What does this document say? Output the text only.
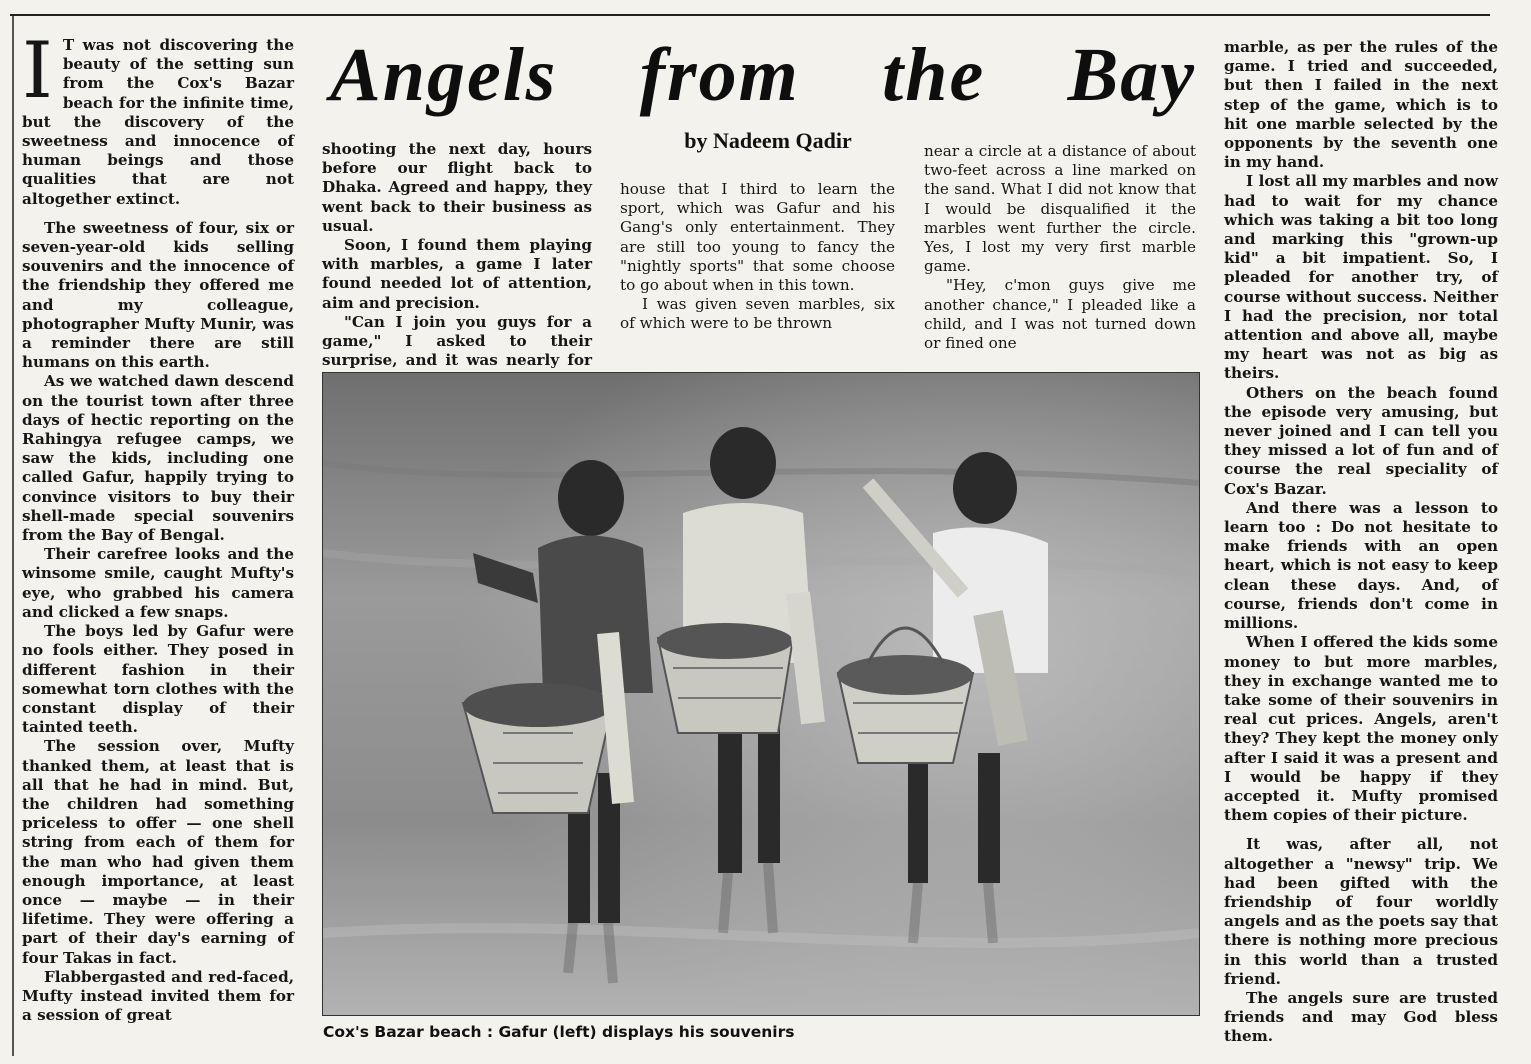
I T was not discovering the beauty of the setting sun from the Cox's Bazar beach for the infinite time, but the discovery of the sweetness and innocence of human beings and those qualities that are not altogether extinct.

The sweetness of four, six or seven-year-old kids selling souvenirs and the innocence of the friendship they offered me and my colleague, photographer Mufty Munir, was a reminder there are still humans on this earth.

As we watched dawn descend on the tourist town after three days of hectic reporting on the Rahingya refugee camps, we saw the kids, including one called Gafur, happily trying to convince visitors to buy their shell-made special souvenirs from the Bay of Bengal.

Their carefree looks and the winsome smile, caught Mufty's eye, who grabbed his camera and clicked a few snaps.

The boys led by Gafur were no fools either. They posed in different fashion in their somewhat torn clothes with the constant display of their tainted teeth.

The session over, Mufty thanked them, at least that is all that he had in mind. But, the children had something priceless to offer — one shell string from each of them for the man who had given them enough importance, at least once — maybe — in their lifetime. They were offering a part of their day's earning of four Takas in fact.

Flabbergasted and red-faced, Mufty instead invited them for a session of great

Angels from the Bay
by Nadeem Qadir

shooting the next day, hours before our flight back to Dhaka. Agreed and happy, they went back to their business as usual.

Soon, I found them playing with marbles, a game I later found needed lot of attention, aim and precision.

"Can I join you guys for a game," I asked to their surprise, and it was nearly for

house that I third to learn the sport, which was Gafur and his Gang's only entertainment. They are still too young to fancy the "nightly sports" that some choose to go about when in this town.

I was given seven marbles, six of which were to be thrown

near a circle at a distance of about two-feet across a line marked on the sand. What I did not know that I would be disqualified it the marbles went further the circle. Yes, I lost my very first marble game.

"Hey, c'mon guys give me another chance," I pleaded like a child, and I was not turned down or fined one

Cox's Bazar beach : Gafur (left) displays his souvenirs

marble, as per the rules of the game. I tried and succeeded, but then I failed in the next step of the game, which is to hit one marble selected by the opponents by the seventh one in my hand.

I lost all my marbles and now had to wait for my chance which was taking a bit too long and marking this "grown-up kid" a bit impatient. So, I pleaded for another try, of course without success. Neither I had the precision, nor total attention and above all, maybe my heart was not as big as theirs.

Others on the beach found the episode very amusing, but never joined and I can tell you they missed a lot of fun and of course the real speciality of Cox's Bazar.

And there was a lesson to learn too : Do not hesitate to make friends with an open heart, which is not easy to keep clean these days. And, of course, friends don't come in millions.

When I offered the kids some money to but more marbles, they in exchange wanted me to take some of their souvenirs in real cut prices. Angels, aren't they? They kept the money only after I said it was a present and I would be happy if they accepted it. Mufty promised them copies of their picture.

It was, after all, not altogether a "newsy" trip. We had been gifted with the friendship of four worldly angels and as the poets say that there is nothing more precious in this world than a trusted friend.

The angels sure are trusted friends and may God bless them.
